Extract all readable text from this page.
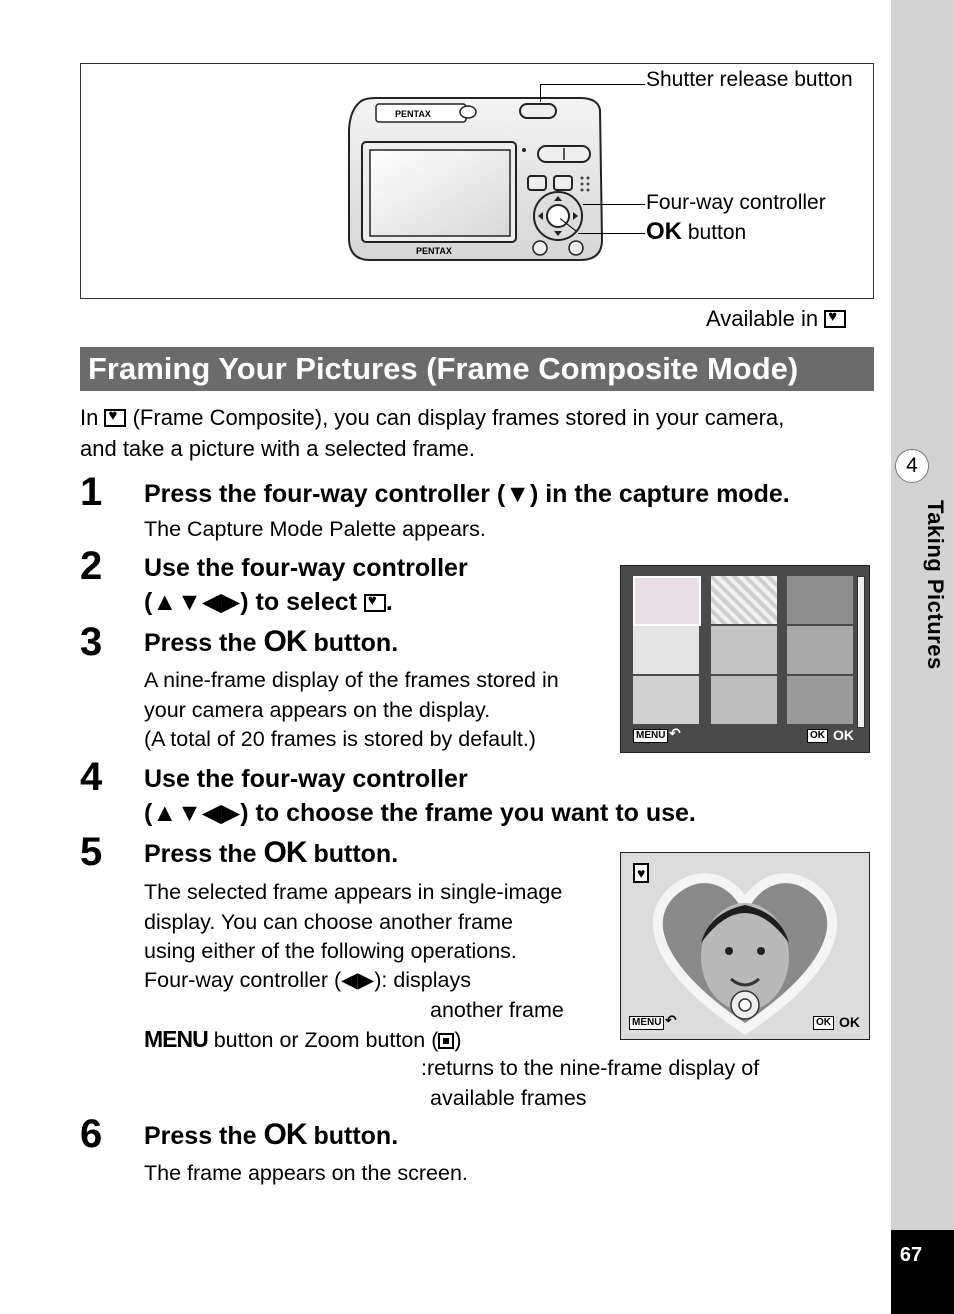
4
Taking Pictures
67
PENTAX
PENTAX
Shutter release button
Four-way controller
OK button
Available in ♥
Framing Your Pictures (Frame Composite Mode)
In ♥ (Frame Composite), you can display frames stored in your camera,
and take a picture with a selected frame.
1 Press the four-way controller (▼) in the capture mode.
The Capture Mode Palette appears.
2 Use the four-way controller
(▲▼◀▶) to select ♥ .
3 Press the OK button.
A nine-frame display of the frames stored in
your camera appears on the display.
(A total of 20 frames is stored by default.)	MENU ↶	OK OK
4 Use the four-way controller
(▲▼◀▶) to choose the frame you want to use.
5 Press the OK button.
The selected frame appears in single-image
display. You can choose another frame
using either of the following operations.
Four-way controller (◀▶): displays
another frame
MENU button or Zoom button ( )
:returns to the nine-frame display of
available frames
♥
MENU ↶	OK OK
6 Press the OK button.
The frame appears on the screen.
